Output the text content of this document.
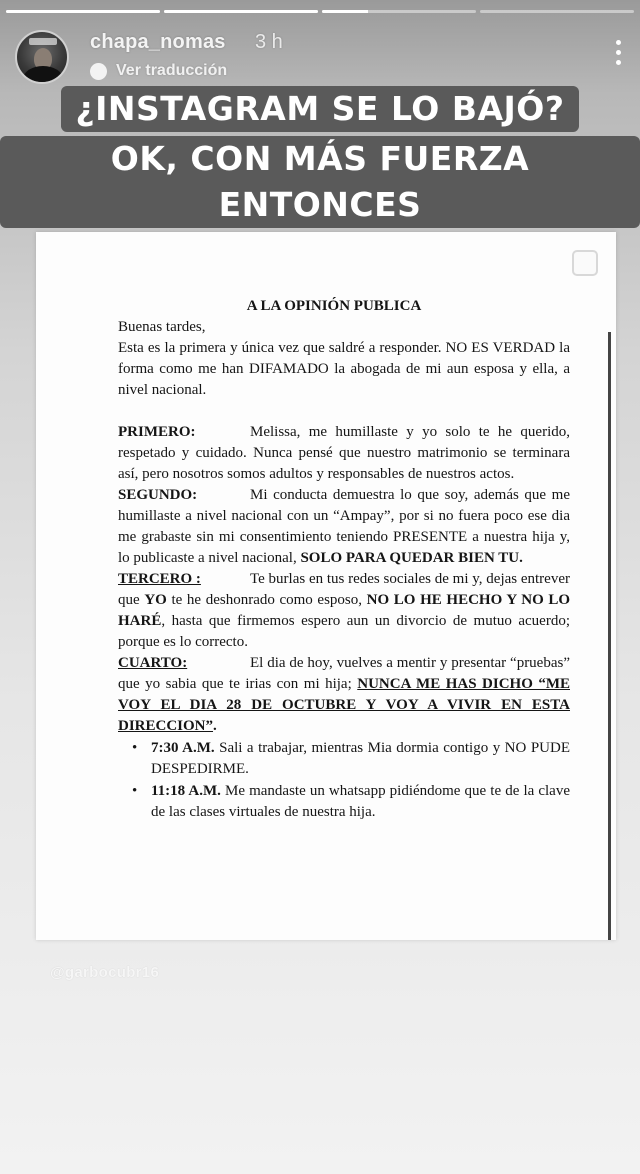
chapa_nomas 3 h
Ver traducción
¿INSTAGRAM SE LO BAJÓ?
OK, CON MÁS FUERZA ENTONCES
A LA OPINIÓN PUBLICA

Buenas tardes,

Esta es la primera y única vez que saldré a responder. NO ES VERDAD la forma como me han DIFAMADO la abogada de mi aun esposa y ella, a nivel nacional.

PRIMERO:	Melissa, me humillaste y yo solo te he querido, respetado y cuidado. Nunca pensé que nuestro matrimonio se terminara así, pero nosotros somos adultos y responsables de nuestros actos.

SEGUNDO:	Mi conducta demuestra lo que soy, además que me humillaste a nivel nacional con un “Ampay”, por si no fuera poco ese dia me grabaste sin mi consentimiento teniendo PRESENTE a nuestra hija y, lo publicaste a nivel nacional, SOLO PARA QUEDAR BIEN TU.

TERCERO :	Te burlas en tus redes sociales de mi y, dejas entrever que YO te he deshonrado como esposo, NO LO HE HECHO Y NO LO HARÉ, hasta que firmemos espero aun un divorcio de mutuo acuerdo; porque es lo correcto.

CUARTO:	El dia de hoy, vuelves a mentir y presentar “pruebas” que yo sabia que te irias con mi hija; NUNCA ME HAS DICHO “ME VOY EL DIA 28 DE OCTUBRE Y VOY A VIVIR EN ESTA DIRECCION”.

• 7:30 A.M. Sali a trabajar, mientras Mia dormia contigo y NO PUDE DESPEDIRME.
• 11:18 A.M. Me mandaste un whatsapp pidiéndome que te de la clave de las clases virtuales de nuestra hija.
@garbocubr16
